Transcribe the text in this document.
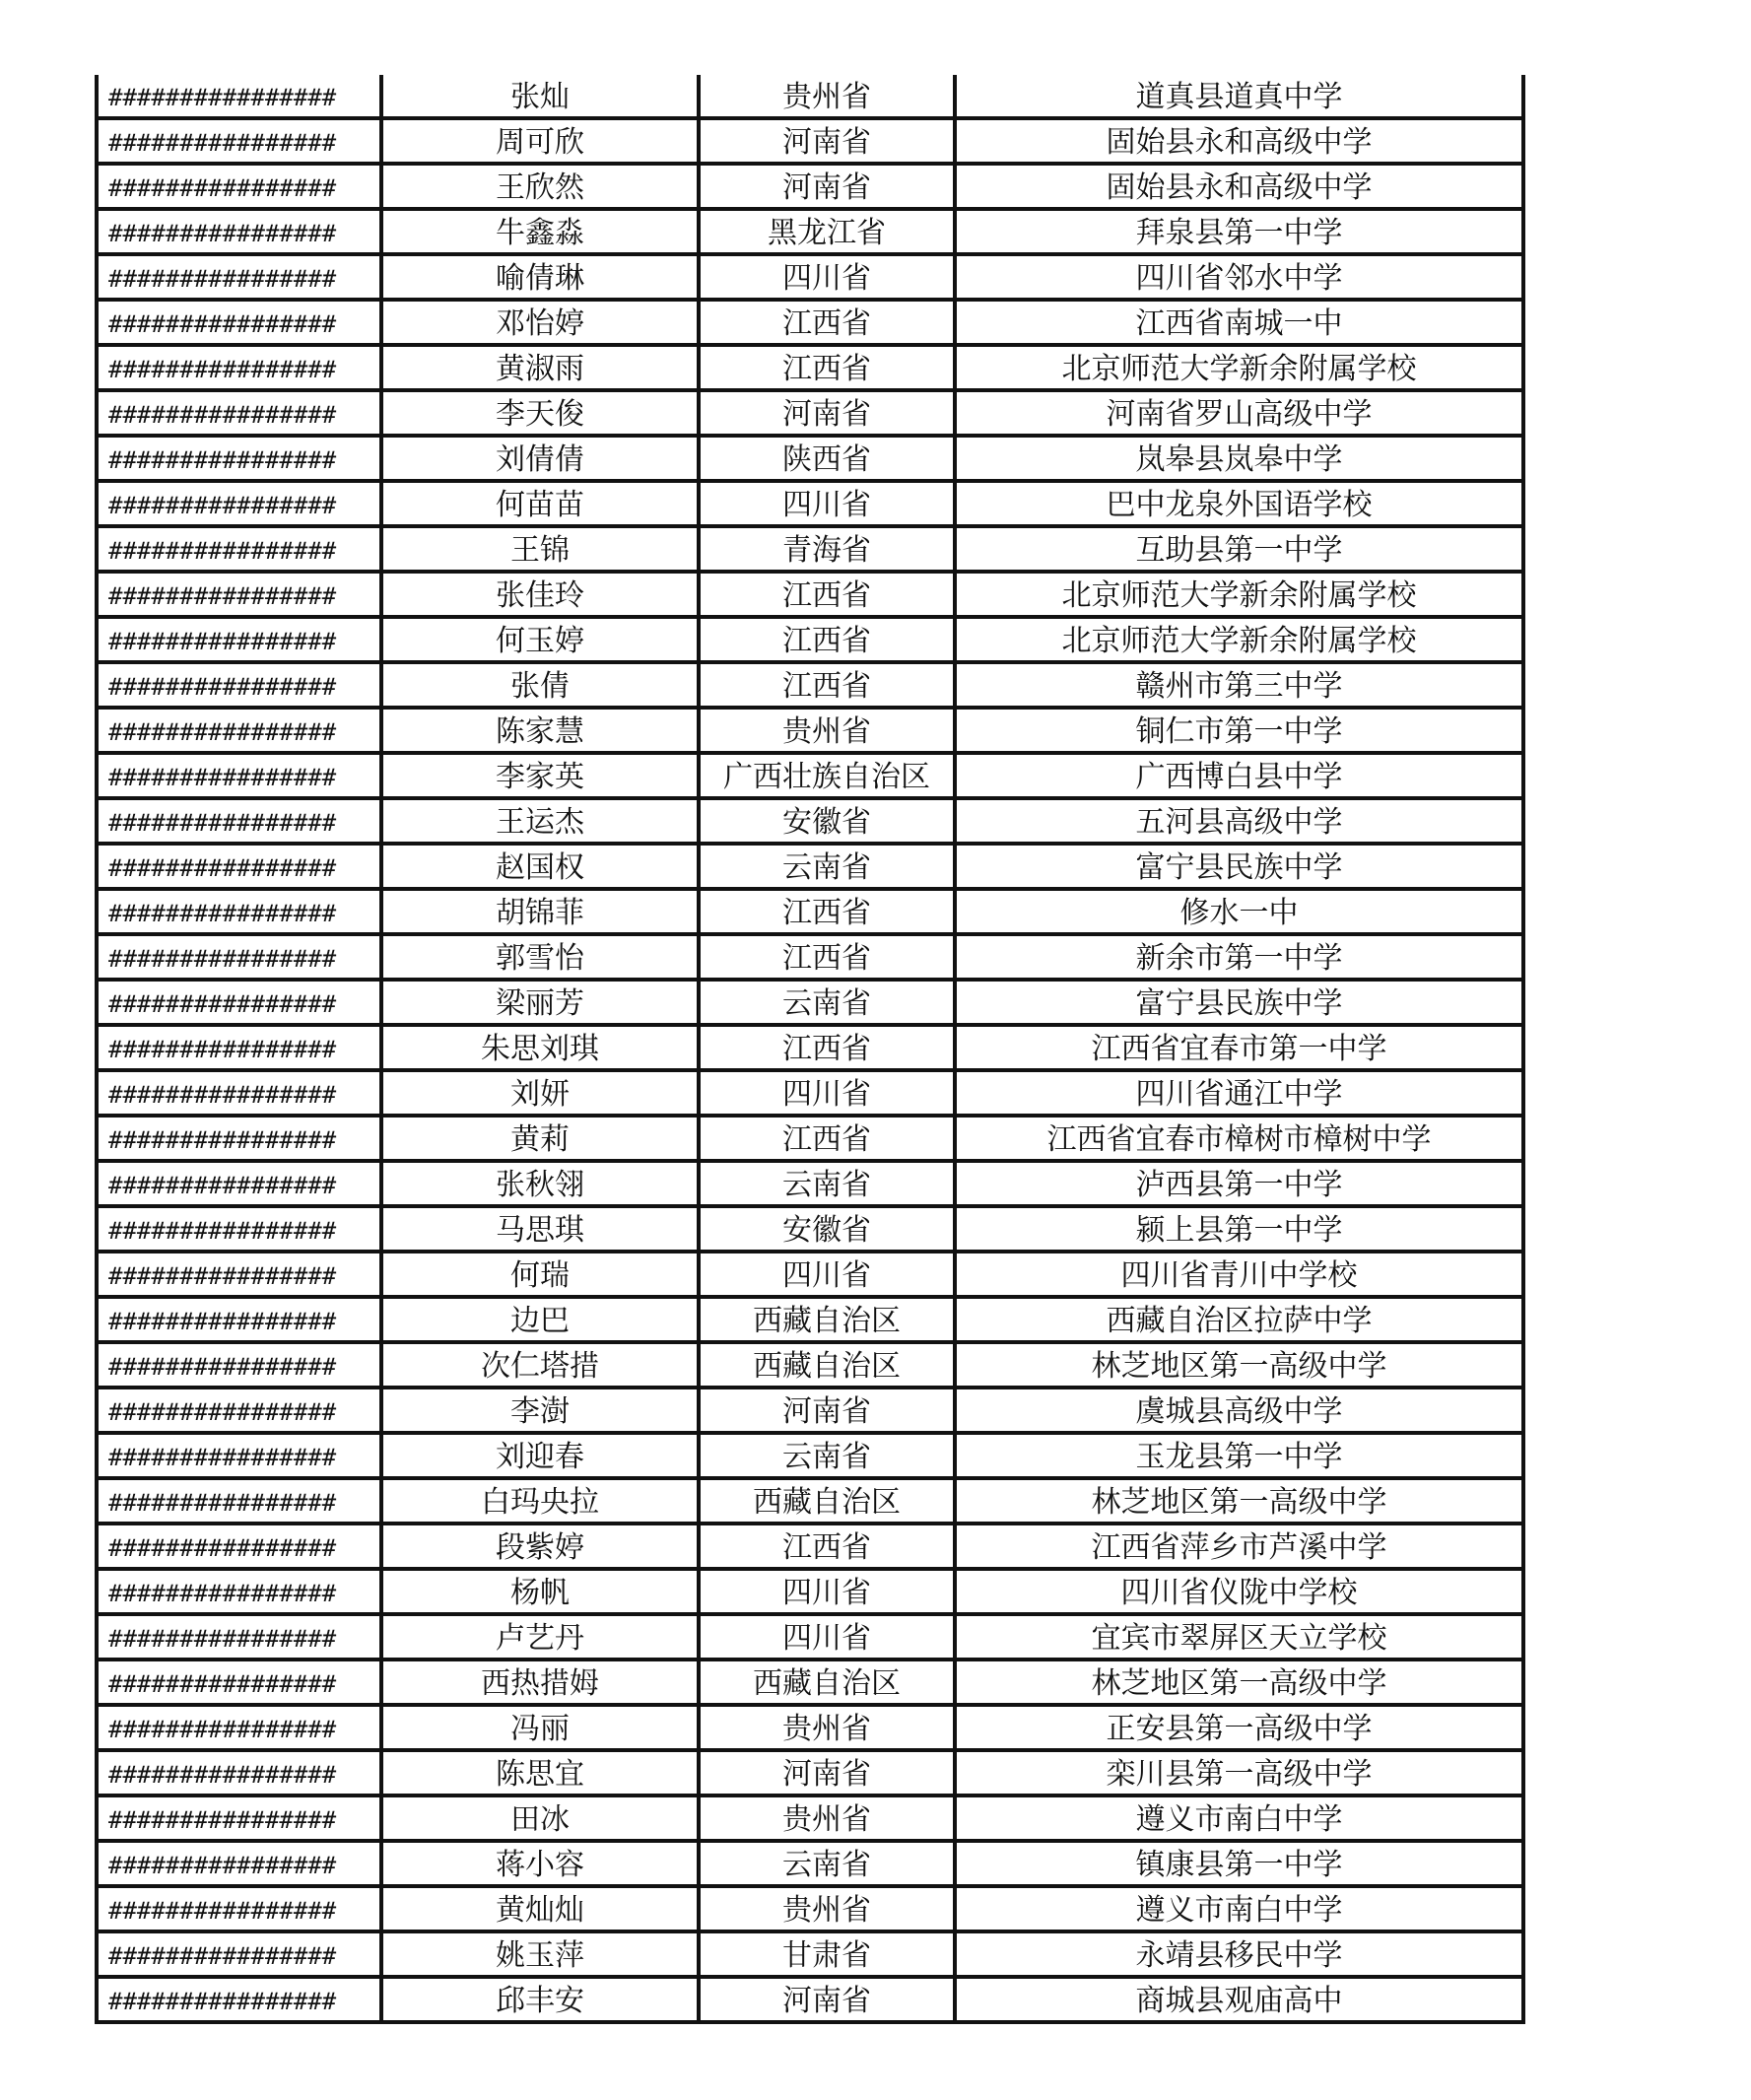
################	张灿	贵州省	道真县道真中学
################	周可欣	河南省	固始县永和高级中学
################	王欣然	河南省	固始县永和高级中学
################	牛鑫淼	黑龙江省	拜泉县第一中学
################	喻倩琳	四川省	四川省邻水中学
################	邓怡婷	江西省	江西省南城一中
################	黄淑雨	江西省	北京师范大学新余附属学校
################	李天俊	河南省	河南省罗山高级中学
################	刘倩倩	陕西省	岚皋县岚皋中学
################	何苗苗	四川省	巴中龙泉外国语学校
################	王锦	青海省	互助县第一中学
################	张佳玲	江西省	北京师范大学新余附属学校
################	何玉婷	江西省	北京师范大学新余附属学校
################	张倩	江西省	赣州市第三中学
################	陈家慧	贵州省	铜仁市第一中学
################	李家英	广西壮族自治区	广西博白县中学
################	王运杰	安徽省	五河县高级中学
################	赵国权	云南省	富宁县民族中学
################	胡锦菲	江西省	修水一中
################	郭雪怡	江西省	新余市第一中学
################	梁丽芳	云南省	富宁县民族中学
################	朱思刘琪	江西省	江西省宜春市第一中学
################	刘妍	四川省	四川省通江中学
################	黄莉	江西省	江西省宜春市樟树市樟树中学
################	张秋翎	云南省	泸西县第一中学
################	马思琪	安徽省	颍上县第一中学
################	何瑞	四川省	四川省青川中学校
################	边巴	西藏自治区	西藏自治区拉萨中学
################	次仁塔措	西藏自治区	林芝地区第一高级中学
################	李澍	河南省	虞城县高级中学
################	刘迎春	云南省	玉龙县第一中学
################	白玛央拉	西藏自治区	林芝地区第一高级中学
################	段紫婷	江西省	江西省萍乡市芦溪中学
################	杨帆	四川省	四川省仪陇中学校
################	卢艺丹	四川省	宜宾市翠屏区天立学校
################	西热措姆	西藏自治区	林芝地区第一高级中学
################	冯丽	贵州省	正安县第一高级中学
################	陈思宜	河南省	栾川县第一高级中学
################	田冰	贵州省	遵义市南白中学
################	蒋小容	云南省	镇康县第一中学
################	黄灿灿	贵州省	遵义市南白中学
################	姚玉萍	甘肃省	永靖县移民中学
################	邱丰安	河南省	商城县观庙高中
